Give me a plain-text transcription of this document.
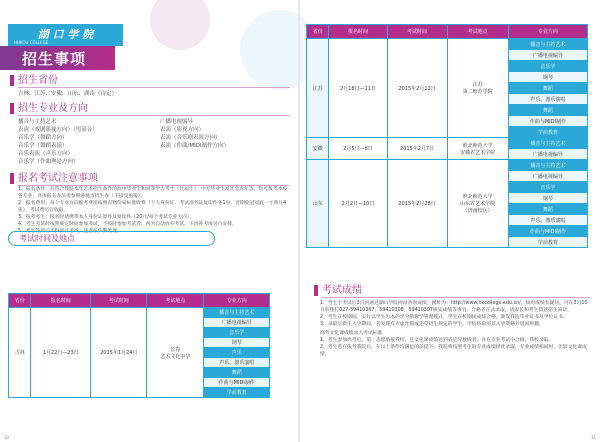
湖 口 学 院
HUKOU COLLEGE
招生事项
招生省份
吉林、江苏、安徽、山东、湖南（待定）
招生专业及方向
播音与主持艺术
表演（戏剧影视方向）（男高音）
音乐学（舞蹈方向）
音乐学（舞蹈表演）
音乐表演（声乐方向）
音乐学（作曲理论方向）
广播电视编导
表演（影视方向）
表演（音乐剧表演方向）
表演（作曲/MIDI制作方向）
报名考试注意事项
1、报名条件：凡符合我院本年艺术招生条件的高中毕业生和同等学力考生（往届生），中专毕业生及社会青年等，均可报考本校各专业，具体报名办法请参照各地市招生办（不接受函报）。
2、报名费用：每个专业方向报考费用按照省物价局标准收费（个人身份证、考试准考证复印件各1份、近期免冠同底一寸照片4张）。考试费另行收取。
3、报考考生：报名时请携带本人身份证原件及复印件（20元/每个考试专业方向）。
4、考生考试时按照规定时间参加考试，不按时参加考试者，视为自动放弃考试，不再补考或另行安排。
5、考生签到后不得离开考场，违者按作弊处理。
考试时间及地点
省份	报名时间	考试时间	考试地点	专业方向
吉林	1月22日—23日	2015年1月24日	长春
艺术文化中学	播音与主持艺术
				广播电视编导
				音乐学
				钢琴
				声乐
				声乐、器乐演唱
				舞蹈
				作曲与MIDI制作
				学前教育
10
省份	报名时间	考试时间	考试地点	专业方向
江苏	2月18日—11日	2015年2月12日	江苏
第二师范学院	播音与主持艺术
				广播电视编导
				音乐学
				钢琴
				舞蹈
				声乐、器乐演唱
				舞蹈
				作曲与MIDI制作
				学前教育
安徽	2月5日—6日	2015年2月7日	淮北师范大学
安徽省艺术学院	播音与主持艺术
				广播电视编导
山东	2月2日—10日	2015年2月28日	淮北师范大学
山东省艺术学院
（济南校区）	播音与主持艺术
				广播电视编导
				音乐学
				钢琴
				舞蹈
				声乐、器乐演唱
				作曲与MIDI制作
				学前教育
考试成绩
1、考生于考试后3日内通过湖口学院网站查询成绩，网址为：http://www.hkcollege.edu.cn/，如对成绩有疑问，可在3月10日前拨打027-59410367，59410308，59410307核实成绩等事宜。合格者正式录取，请家长和考生留意招生简章。
2、考生在校期间，实行以学生为本的学分制教学管理模式，学生在校期间成绩合格，颁发我院毕业证书及学位证书。
3、录取后新生入学期间，若发现有弄虚作假或违反招生规定的学生，学校将取消其入学资格并退回原籍。
高考文化课成绩录入考试标准
1、考生参加高考后，第一志愿填报我校，且文化课成绩达到省定分数线者，并在专业考试中合格，我校录取。
2、考生若在报考我院后，在以上条件均满足的前提下，我院将按照考生的专业成绩择优录取，专业成绩相同时，比较文化课成绩。
11
